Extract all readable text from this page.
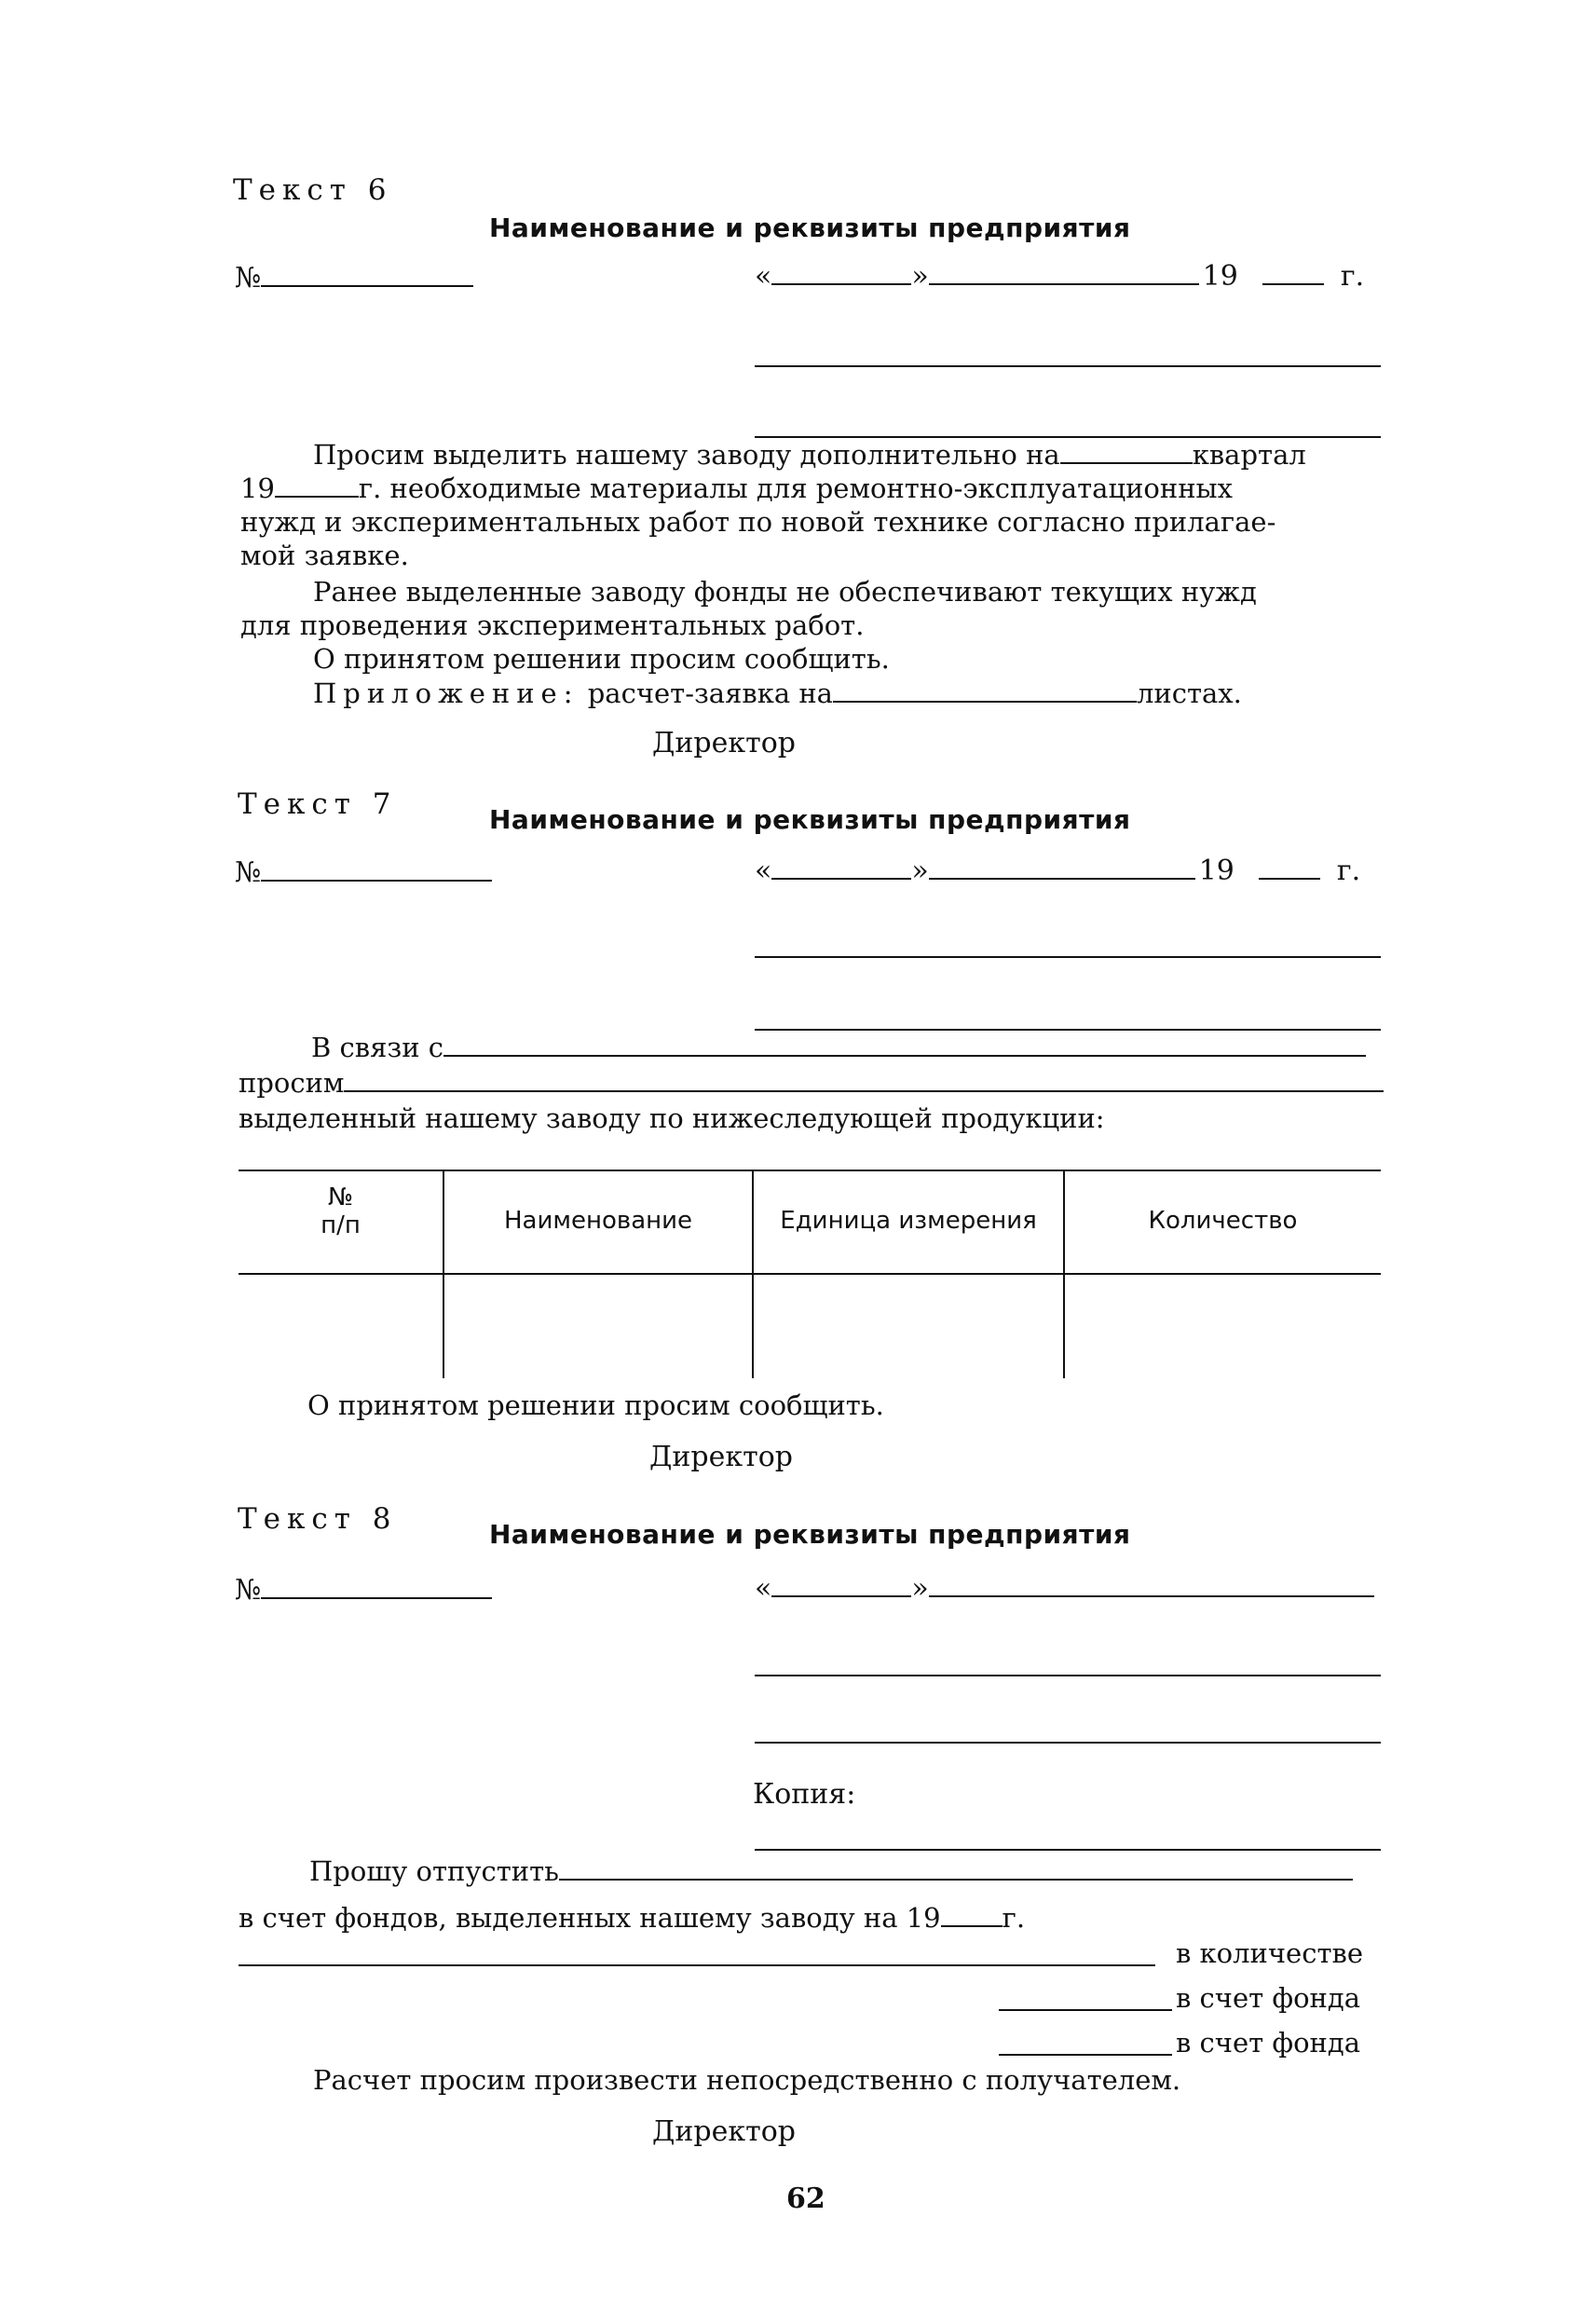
Текст 6
Наименование и реквизиты предприятия
№	«	»	19	г.
Просим выделить нашему заводу дополнительно на	квартал
19	г. необходимые материалы для ремонтно-эксплуатационных
нужд и экспериментальных работ по новой технике согласно прилагае-
мой заявке.
Ранее выделенные заводу фонды не обеспечивают текущих нужд
для проведения экспериментальных работ.
О принятом решении просим сообщить.
Приложение: расчет-заявка на	листах.
Директор
Текст 7	Наименование и реквизиты предприятия
№	«	»	19	г.
В связи с
просим
выделенный нашему заводу по нижеследующей продукции:
№
п/п	Наименование	Единица измерения	Количество
О принятом решении просим сообщить.
Директор
Текст 8	Наименование и реквизиты предприятия
№	«	»
Копия:
Прошу отпустить
в счет фондов, выделенных нашему заводу на 19 г.
в количестве
в счет фонда
в счет фонда
Расчет просим произвести непосредственно с получателем.
Директор
62
